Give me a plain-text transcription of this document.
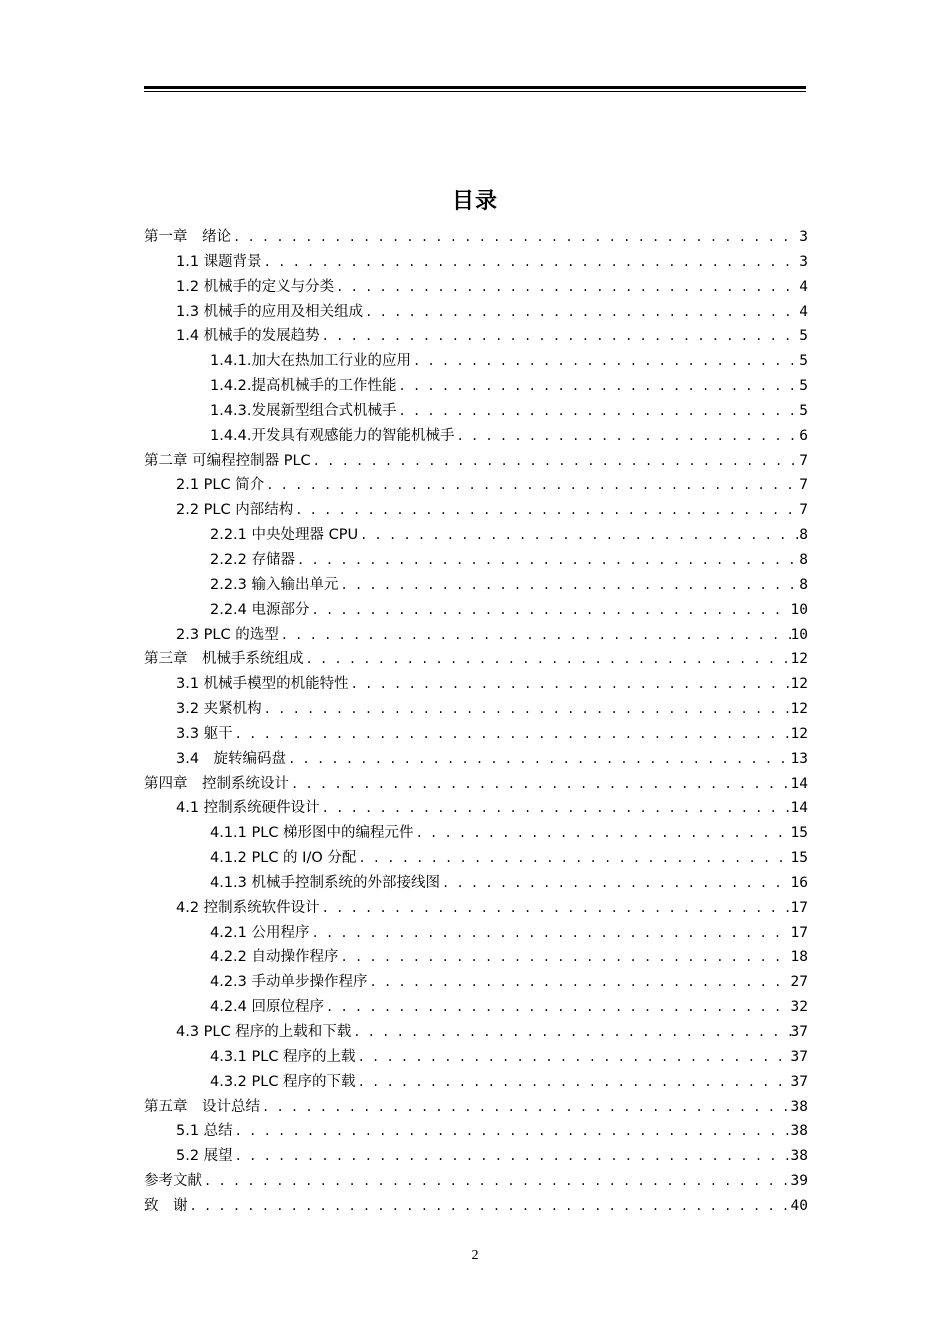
目录
第一章　绪论 . . .	3
1.1 课题背景 . . .	3
1.2 机械手的定义与分类 . . .	4
1.3 机械手的应用及相关组成 . . .	4
1.4 机械手的发展趋势 . . .	5
1.4.1.加大在热加工行业的应用 . . .	5
1.4.2.提高机械手的工作性能 . . .	5
1.4.3.发展新型组合式机械手 . . .	5
1.4.4.开发具有观感能力的智能机械手 . . .	6
第二章 可编程控制器 PLC . . .	7
2.1 PLC 简介 . . .	7
2.2 PLC 内部结构 . . .	7
2.2.1 中央处理器 CPU . . .	8
2.2.2 存储器 . . .	8
2.2.3 输入输出单元 . . .	8
2.2.4 电源部分 . . .	10
2.3 PLC 的选型 . . .	10
第三章　机械手系统组成 . . .	12
3.1 机械手模型的机能特性 . . .	12
3.2 夹紧机构 . . .	12
3.3 躯干 . . .	12
3.4　旋转编码盘 . . .	13
第四章　控制系统设计 . . .	14
4.1 控制系统硬件设计 . . .	14
4.1.1 PLC 梯形图中的编程元件 . . .	15
4.1.2 PLC 的 I/O 分配 . . .	15
4.1.3 机械手控制系统的外部接线图 . . .	16
4.2 控制系统软件设计 . . .	17
4.2.1 公用程序 . . .	17
4.2.2 自动操作程序 . . .	18
4.2.3 手动单步操作程序 . . .	27
4.2.4 回原位程序 . . .	32
4.3 PLC 程序的上载和下载 . . .	37
4.3.1 PLC 程序的上载 . . .	37
4.3.2 PLC 程序的下载 . . .	37
第五章　设计总结 . . .	38
5.1 总结 . . .	38
5.2 展望 . . .	38
参考文献 . . .	39
致　谢 . . .	40
2
